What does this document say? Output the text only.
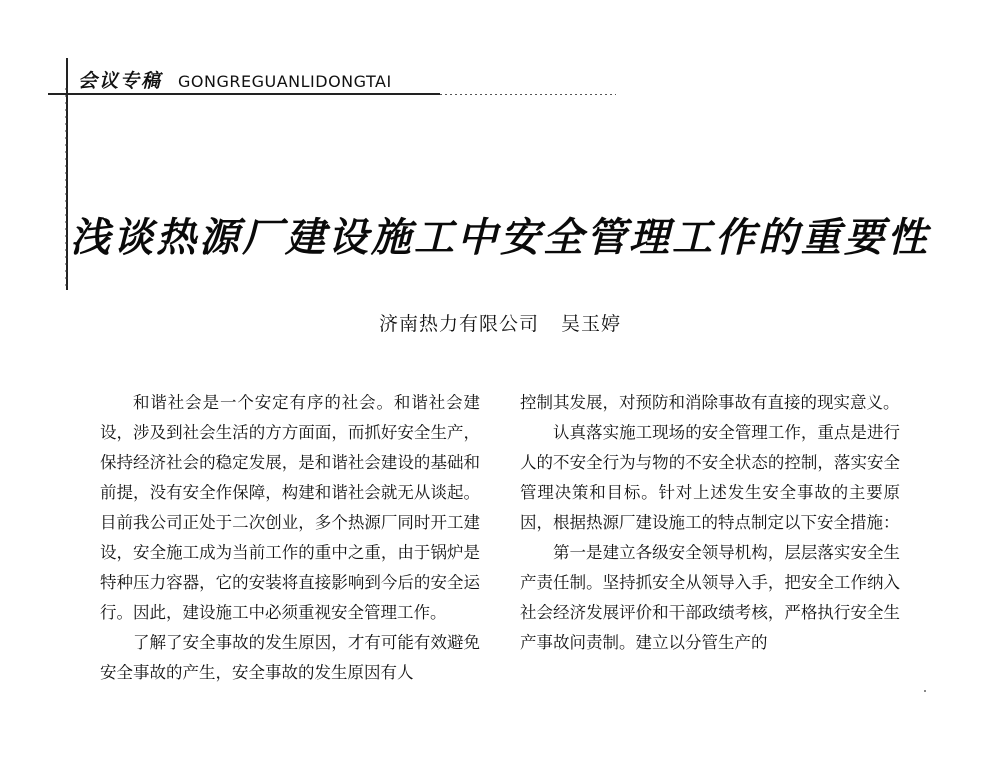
会议专稿 GONGREGUANLIDONGTAI
浅谈热源厂建设施工中安全管理工作的重要性
济南热力有限公司 吴玉婷

和谐社会是一个安定有序的社会。和谐社会建设，涉及到社会生活的方方面面，而抓好安全生产，保持经济社会的稳定发展，是和谐社会建设的基础和前提，没有安全作保障，构建和谐社会就无从谈起。目前我公司正处于二次创业，多个热源厂同时开工建设，安全施工成为当前工作的重中之重，由于锅炉是特种压力容器，它的安装将直接影响到今后的安全运行。因此，建设施工中必须重视安全管理工作。

了解了安全事故的发生原因，才有可能有效避免安全事故的产生，安全事故的发生原因有人

控制其发展，对预防和消除事故有直接的现实意义。

认真落实施工现场的安全管理工作，重点是进行人的不安全行为与物的不安全状态的控制，落实安全管理决策和目标。针对上述发生安全事故的主要原因，根据热源厂建设施工的特点制定以下安全措施：

第一是建立各级安全领导机构，层层落实安全生产责任制。坚持抓安全从领导入手，把安全工作纳入社会经济发展评价和干部政绩考核，严格执行安全生产事故问责制。建立以分管生产的
